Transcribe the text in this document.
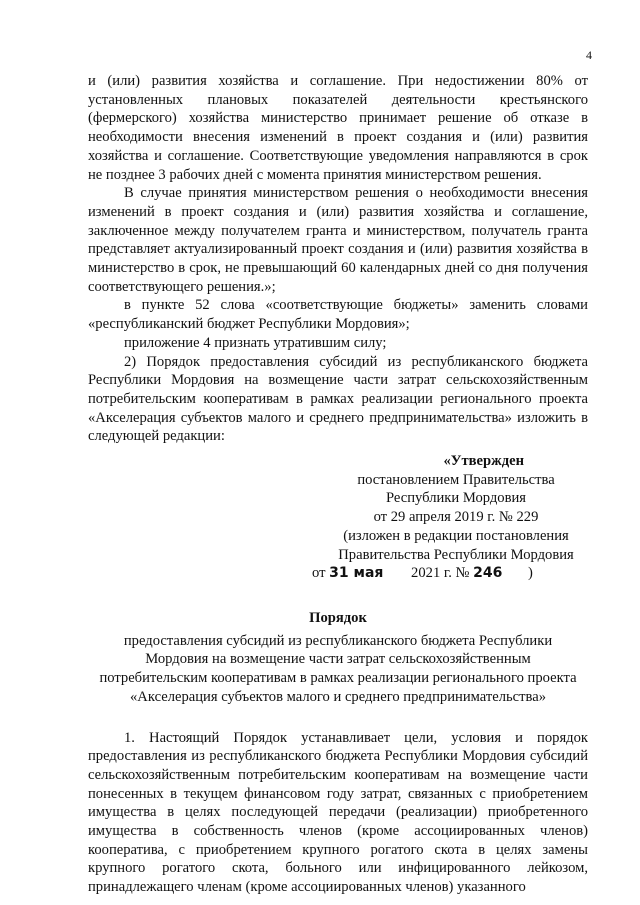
4

и (или) развития хозяйства и соглашение. При недостижении 80% от установленных плановых показателей деятельности крестьянского (фермерского) хозяйства министерство принимает решение об отказе в необходимости внесения изменений в проект создания и (или) развития хозяйства и соглашение. Соответствующие уведомления направляются в срок не позднее 3 рабочих дней с момента принятия министерством решения.

В случае принятия министерством решения о необходимости внесения изменений в проект создания и (или) развития хозяйства и соглашение, заключенное между получателем гранта и министерством, получатель гранта представляет актуализированный проект создания и (или) развития хозяйства в министерство в срок, не превышающий 60 календарных дней со дня получения соответствующего решения.»;

в пункте 52 слова «соответствующие бюджеты» заменить словами «республиканский бюджет Республики Мордовия»;

приложение 4 признать утратившим силу;

2) Порядок предоставления субсидий из республиканского бюджета Республики Мордовия на возмещение части затрат сельскохозяйственным потребительским кооперативам в рамках реализации регионального проекта «Акселерация субъектов малого и среднего предпринимательства» изложить в следующей редакции:

«Утвержден
постановлением Правительства
Республики Мордовия
от 29 апреля 2019 г. № 229
(изложен в редакции постановления
Правительства Республики Мордовия
от 31 мая 2021 г. № 246 )
Порядок
предоставления субсидий из республиканского бюджета Республики
Мордовия на возмещение части затрат сельскохозяйственным
потребительским кооперативам в рамках реализации регионального проекта
«Акселерация субъектов малого и среднего предпринимательства»

1. Настоящий Порядок устанавливает цели, условия и порядок предоставления из республиканского бюджета Республики Мордовия субсидий сельскохозяйственным потребительским кооперативам на возмещение части понесенных в текущем финансовом году затрат, связанных с приобретением имущества в целях последующей передачи (реализации) приобретенного имущества в собственность членов (кроме ассоциированных членов) кооператива, с приобретением крупного рогатого скота в целях замены крупного рогатого скота, больного или инфицированного лейкозом, принадлежащего членам (кроме ассоциированных членов) указанного
